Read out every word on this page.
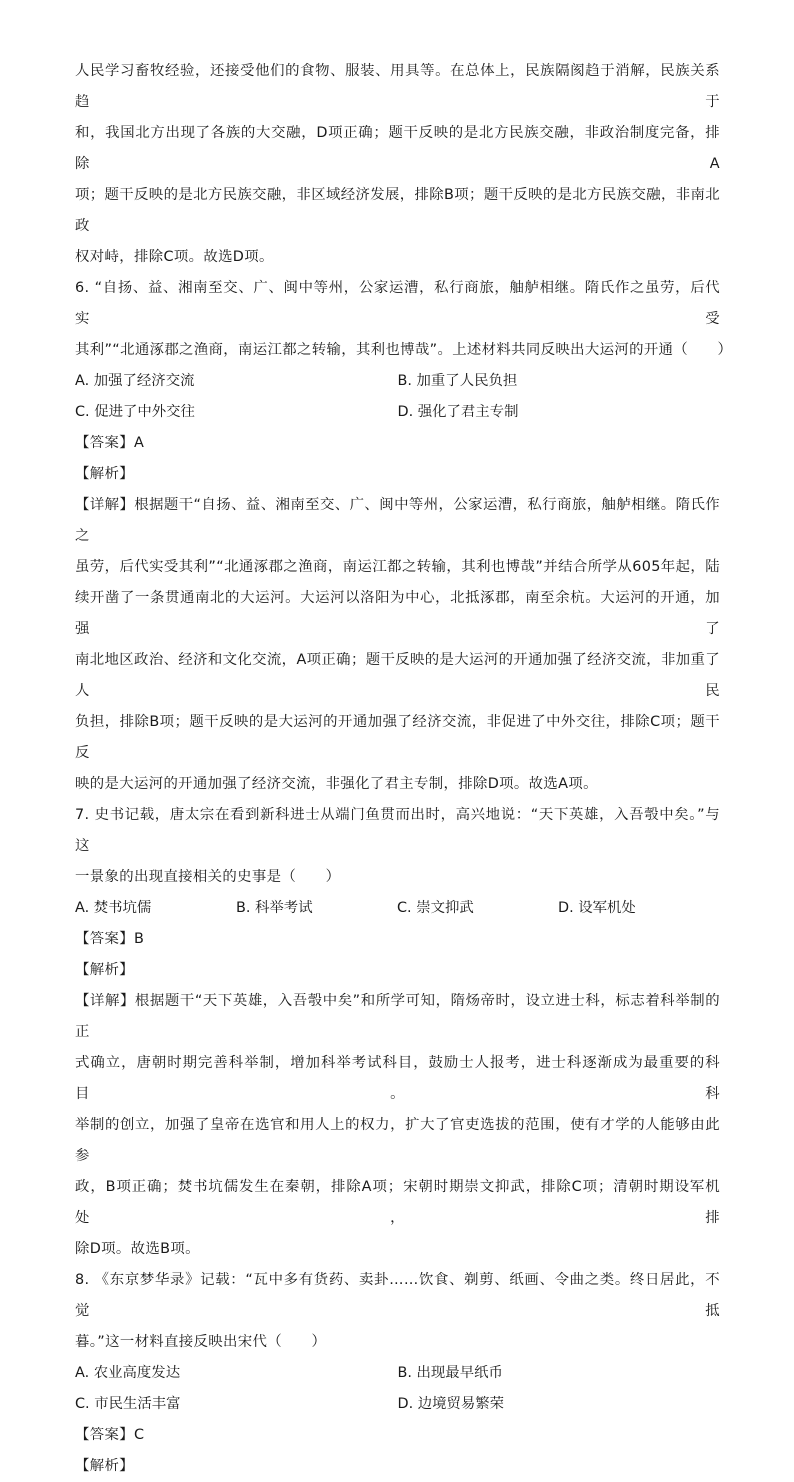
人民学习畜牧经验，还接受他们的食物、服装、用具等。在总体上，民族隔阂趋于消解，民族关系趋于
和，我国北方出现了各族的大交融，D项正确；题干反映的是北方民族交融，非政治制度完备，排除A
项；题干反映的是北方民族交融，非区域经济发展，排除B项；题干反映的是北方民族交融，非南北政
权对峙，排除C项。故选D项。
6. “自扬、益、湘南至交、广、闽中等州，公家运漕，私行商旅，舳舻相继。隋氏作之虽劳，后代实受
其利”“北通涿郡之渔商，南运江都之转输，其利也博哉”。上述材料共同反映出大运河的开通（　　）
A. 加强了经济交流	B. 加重了人民负担
C. 促进了中外交往	D. 强化了君主专制
【答案】A
【解析】
【详解】根据题干“自扬、益、湘南至交、广、闽中等州，公家运漕，私行商旅，舳舻相继。隋氏作之
虽劳，后代实受其利”“北通涿郡之渔商，南运江都之转输，其利也博哉”并结合所学从605年起，陆
续开凿了一条贯通南北的大运河。大运河以洛阳为中心，北抵涿郡，南至余杭。大运河的开通，加强了
南北地区政治、经济和文化交流，A项正确；题干反映的是大运河的开通加强了经济交流，非加重了人民
负担，排除B项；题干反映的是大运河的开通加强了经济交流，非促进了中外交往，排除C项；题干反
映的是大运河的开通加强了经济交流，非强化了君主专制，排除D项。故选A项。
7. 史书记载，唐太宗在看到新科进士从端门鱼贯而出时，高兴地说：“天下英雄，入吾彀中矣。”与这
一景象的出现直接相关的史事是（　　）
A. 焚书坑儒	B. 科举考试	C. 崇文抑武	D. 设军机处
【答案】B
【解析】
【详解】根据题干“天下英雄，入吾彀中矣”和所学可知，隋炀帝时，设立进士科，标志着科举制的正
式确立，唐朝时期完善科举制，增加科举考试科目，鼓励士人报考，进士科逐渐成为最重要的科目。科
举制的创立，加强了皇帝在选官和用人上的权力，扩大了官吏选拔的范围，使有才学的人能够由此参
政，B项正确；焚书坑儒发生在秦朝，排除A项；宋朝时期崇文抑武，排除C项；清朝时期设军机处，排
除D项。故选B项。
8. 《东京梦华录》记载：“瓦中多有货药、卖卦……饮食、剃剪、纸画、令曲之类。终日居此，不觉抵
暮。”这一材料直接反映出宋代（　　）
A. 农业高度发达	B. 出现最早纸币
C. 市民生活丰富	D. 边境贸易繁荣
【答案】C
【解析】
